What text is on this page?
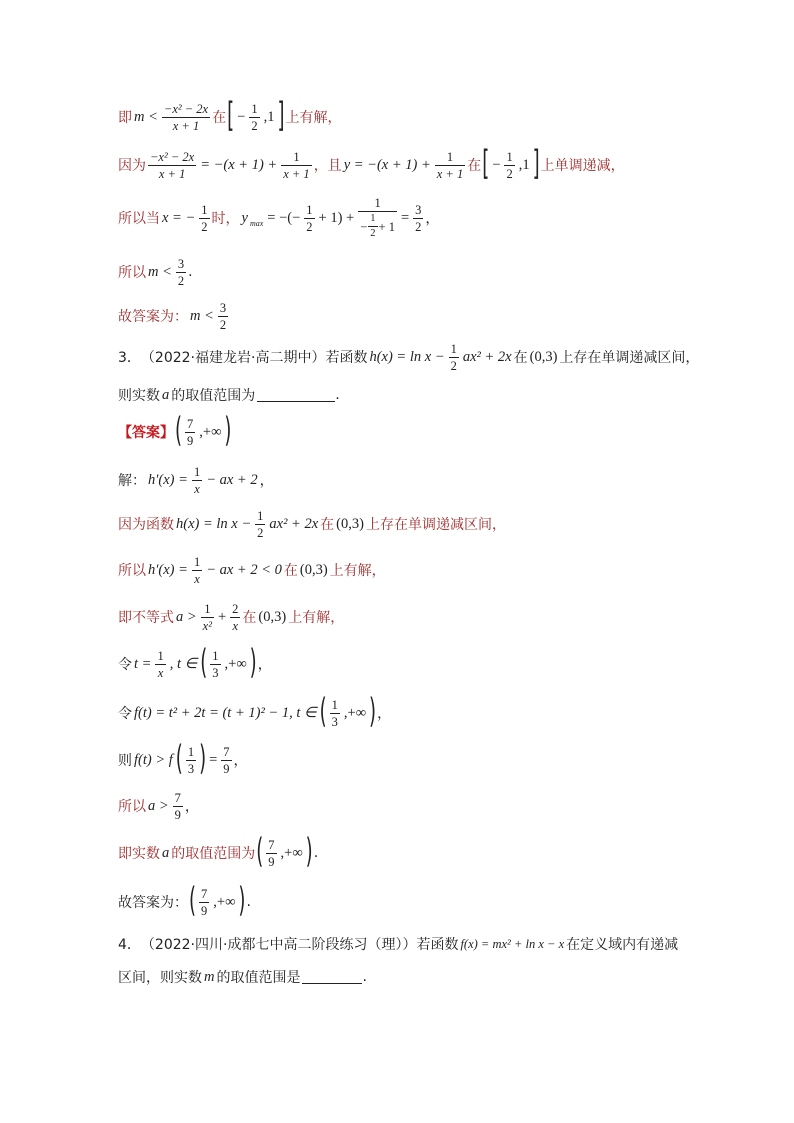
即 $m < \frac{\text{−x² − 2x}}{x + 1}$ 在 [ − $\frac{1}{2} ,1$ ] 上有解，
因为 $\frac{\text{−x² − 2x}}{x + 1} = -(x + 1) + \frac{1}{x + 1}$ ，且 $y = -(x + 1) + \frac{1}{x + 1}$ 在 [ − $\frac{1}{2} ,1$ ] 上单调递减，
所以当 x = − $\frac{1}{2}$ 时， y max = −(− $\frac{1}{2} + 1) + \frac{1}{- \frac{1}{2} + 1} = \frac{3}{2}$ ，
所以 $m < \frac{3}{2}$ .
故答案为： $m < \frac{3}{2}$
3． （2022·福建龙岩·高二期中） 若函数 $h(x) = \ln x - \frac{1}{2} ax^2 + 2x$ 在 (0,3) 上存在单调递减区间，
则实数 a 的取值范围为	.
【答案】 ( $\frac{7}{9}$ ,+∞ )
解： $h'(x) = \frac{1}{x}$ − ax + 2 ，
因为函数 $h(x) = \ln x - \frac{1}{2} ax^2 + 2x$ 在 (0,3) 上存在单调递减区间，
所以 $h'(x) = \frac{1}{x}$ − ax + 2 < 0 在 (0,3) 上有解，
即不等式 $a > \frac{1}{\text{x²}} + \frac{2}{x}$ 在 (0,3) 上有解，
令 $t = \frac{1}{x}$ , t ∈ ( $\frac{1}{3}$ ,+∞ ) ，
令 f(t) = t² + 2t = (t + 1)² − 1, t ∈ ( $\frac{1}{3}$ ,+∞ ) ，
则 f(t) > f ( $\frac{1}{3}$ ) = $\frac{7}{9}$ ，
所以 $a > \frac{7}{9}$ ，
即实数 a 的取值范围为 ( $\frac{7}{9}$ ,+∞ ) .
故答案为： ( $\frac{7}{9}$ ,+∞ ) .
4． （2022·四川·成都七中高二阶段练习（理）） 若函数 f(x) = mx² + ln x − x 在定义域内有递减
区间，则实数 m 的取值范围是	.
